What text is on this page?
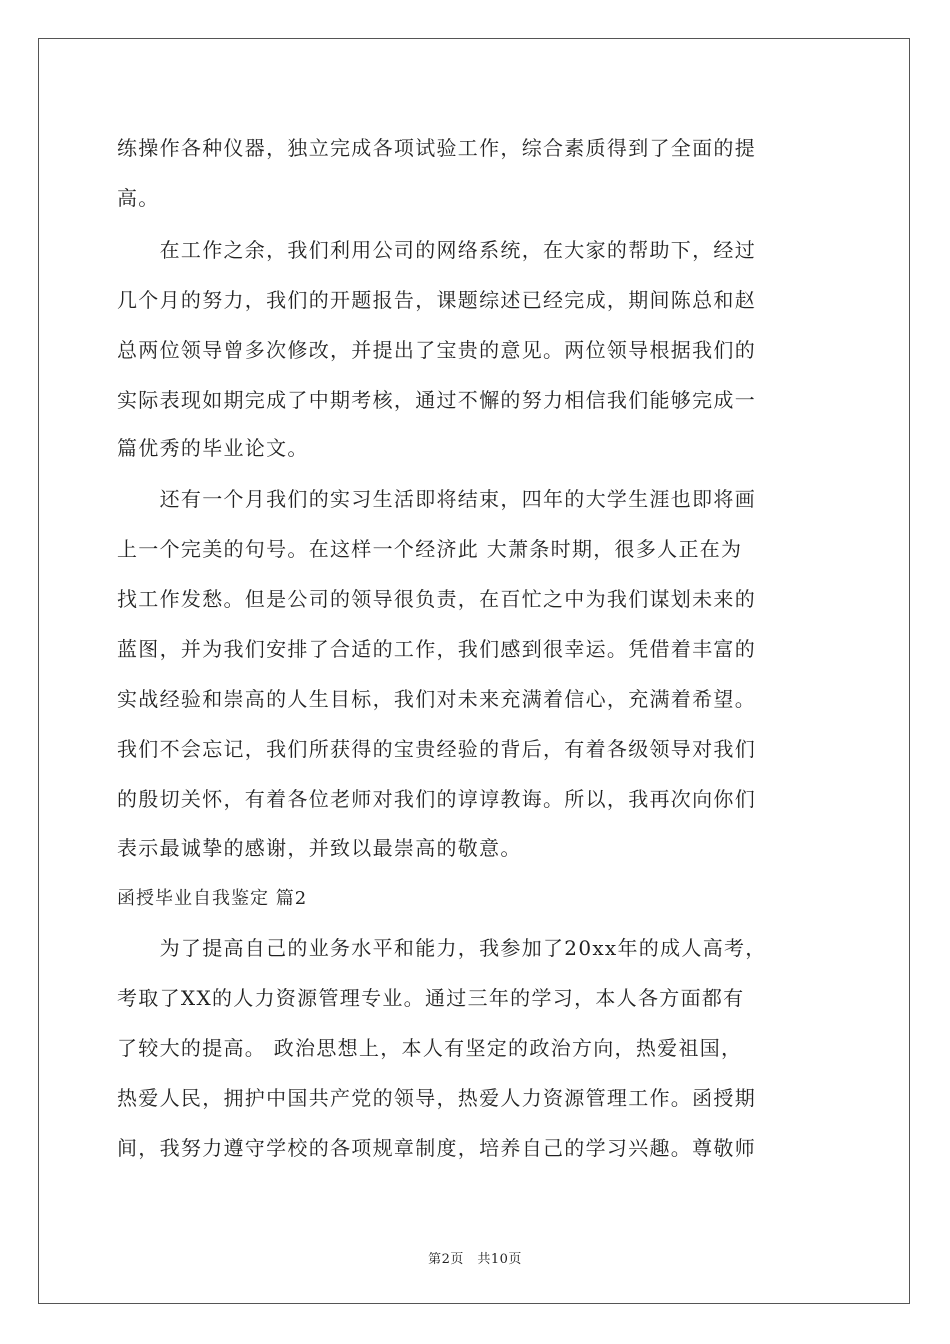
练操作各种仪器，独立完成各项试验工作，综合素质得到了全面的提
高。
　　在工作之余，我们利用公司的网络系统，在大家的帮助下，经过
几个月的努力，我们的开题报告，课题综述已经完成，期间陈总和赵
总两位领导曾多次修改，并提出了宝贵的意见。两位领导根据我们的
实际表现如期完成了中期考核，通过不懈的努力相信我们能够完成一
篇优秀的毕业论文。
　　还有一个月我们的实习生活即将结束，四年的大学生涯也即将画
上一个完美的句号。在这样一个经济此 大萧条时期，很多人正在为
找工作发愁。但是公司的领导很负责，在百忙之中为我们谋划未来的
蓝图，并为我们安排了合适的工作，我们感到很幸运。凭借着丰富的
实战经验和崇高的人生目标，我们对未来充满着信心，充满着希望。
我们不会忘记，我们所获得的宝贵经验的背后，有着各级领导对我们
的殷切关怀，有着各位老师对我们的谆谆教诲。所以，我再次向你们
表示最诚挚的感谢，并致以最崇高的敬意。
函授毕业自我鉴定 篇2
　　为了提高自己的业务水平和能力，我参加了20xx年的成人高考，
考取了XX的人力资源管理专业。通过三年的学习，本人各方面都有
了较大的提高。 政治思想上，本人有坚定的政治方向，热爱祖国，
热爱人民，拥护中国共产党的领导，热爱人力资源管理工作。函授期
间，我努力遵守学校的各项规章制度，培养自己的学习兴趣。尊敬师
第2页　共10页
